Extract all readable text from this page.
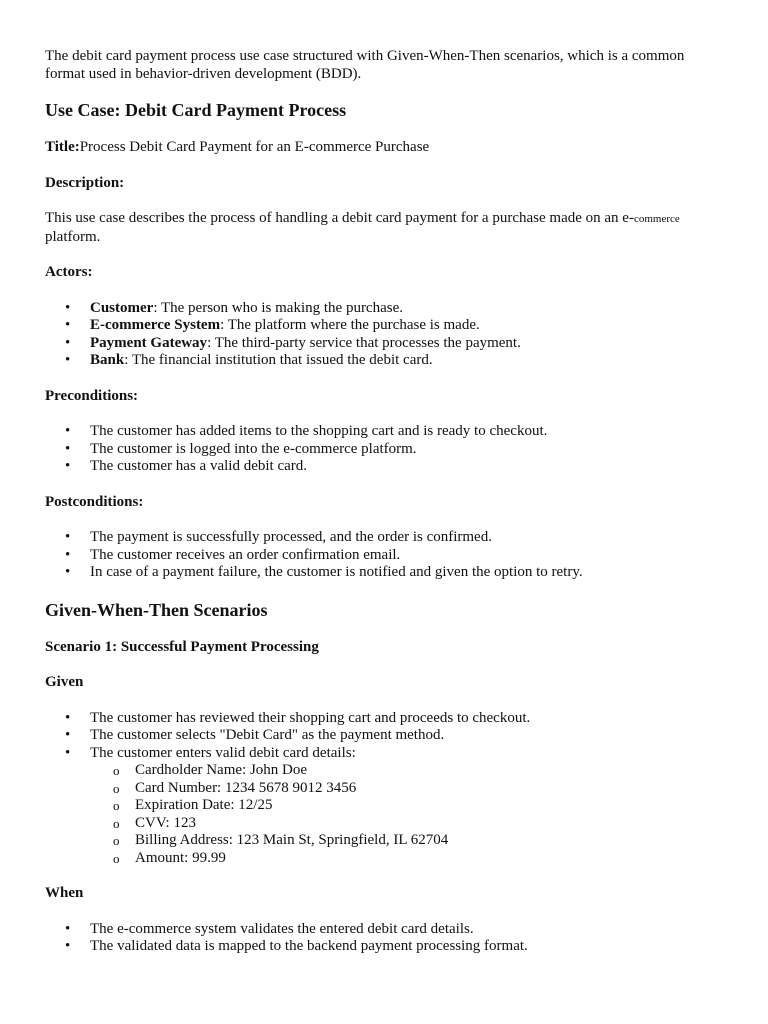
The debit card payment process use case structured with Given-When-Then scenarios, which is a common format used in behavior-driven development (BDD).

Use Case: Debit Card Payment Process

Title:Process Debit Card Payment for an E-commerce Purchase

Description:

This use case describes the process of handling a debit card payment for a purchase made on an e-commerce
platform.

Actors:

• Customer: The person who is making the purchase.
• E-commerce System: The platform where the purchase is made.
• Payment Gateway: The third-party service that processes the payment.
• Bank: The financial institution that issued the debit card.

Preconditions:

• The customer has added items to the shopping cart and is ready to checkout.
• The customer is logged into the e-commerce platform.
• The customer has a valid debit card.

Postconditions:

• The payment is successfully processed, and the order is confirmed.
• The customer receives an order confirmation email.
• In case of a payment failure, the customer is notified and given the option to retry.
Given-When-Then Scenarios

Scenario 1: Successful Payment Processing

Given

• The customer has reviewed their shopping cart and proceeds to checkout.
• The customer selects "Debit Card" as the payment method.
• The customer enters valid debit card details:
o Cardholder Name: John Doe
o Card Number: 1234 5678 9012 3456
o Expiration Date: 12/25
o CVV: 123
o Billing Address: 123 Main St, Springfield, IL 62704
o Amount: 99.99

When

• The e-commerce system validates the entered debit card details.
• The validated data is mapped to the backend payment processing format.
